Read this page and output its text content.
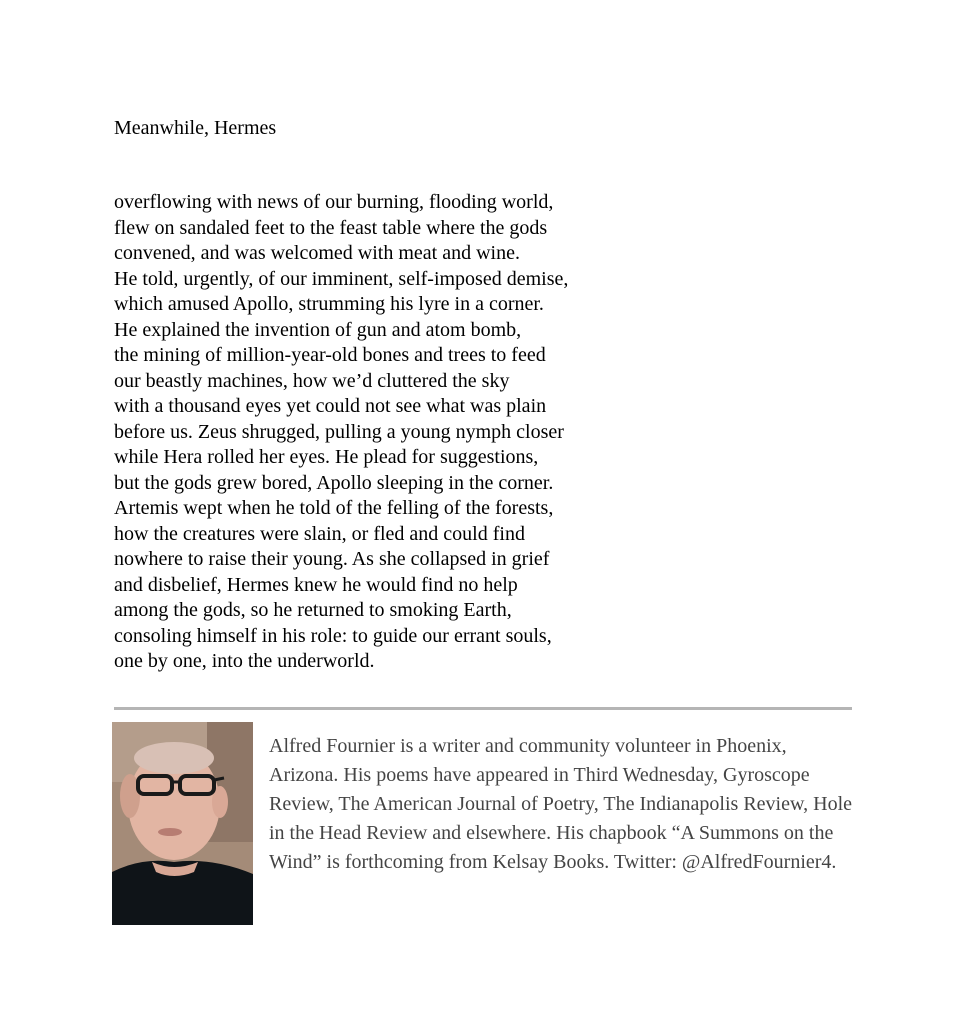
Meanwhile, Hermes
overflowing with news of our burning, flooding world,
flew on sandaled feet to the feast table where the gods
convened, and was welcomed with meat and wine.
He told, urgently, of our imminent, self-imposed demise,
which amused Apollo, strumming his lyre in a corner.
He explained the invention of gun and atom bomb,
the mining of million-year-old bones and trees to feed
our beastly machines, how we’d cluttered the sky
with a thousand eyes yet could not see what was plain
before us. Zeus shrugged, pulling a young nymph closer
while Hera rolled her eyes. He plead for suggestions,
but the gods grew bored, Apollo sleeping in the corner.
Artemis wept when he told of the felling of the forests,
how the creatures were slain, or fled and could find
nowhere to raise their young. As she collapsed in grief
and disbelief, Hermes knew he would find no help
among the gods, so he returned to smoking Earth,
consoling himself in his role: to guide our errant souls,
one by one, into the underworld.

Alfred Fournier is a writer and community volunteer in Phoenix, Arizona. His poems have appeared in Third Wednesday, Gyroscope Review, The American Journal of Poetry, The Indianapolis Review, Hole in the Head Review and elsewhere. His chapbook “A Summons on the Wind” is forthcoming from Kelsay Books. Twitter: @AlfredFournier4.
